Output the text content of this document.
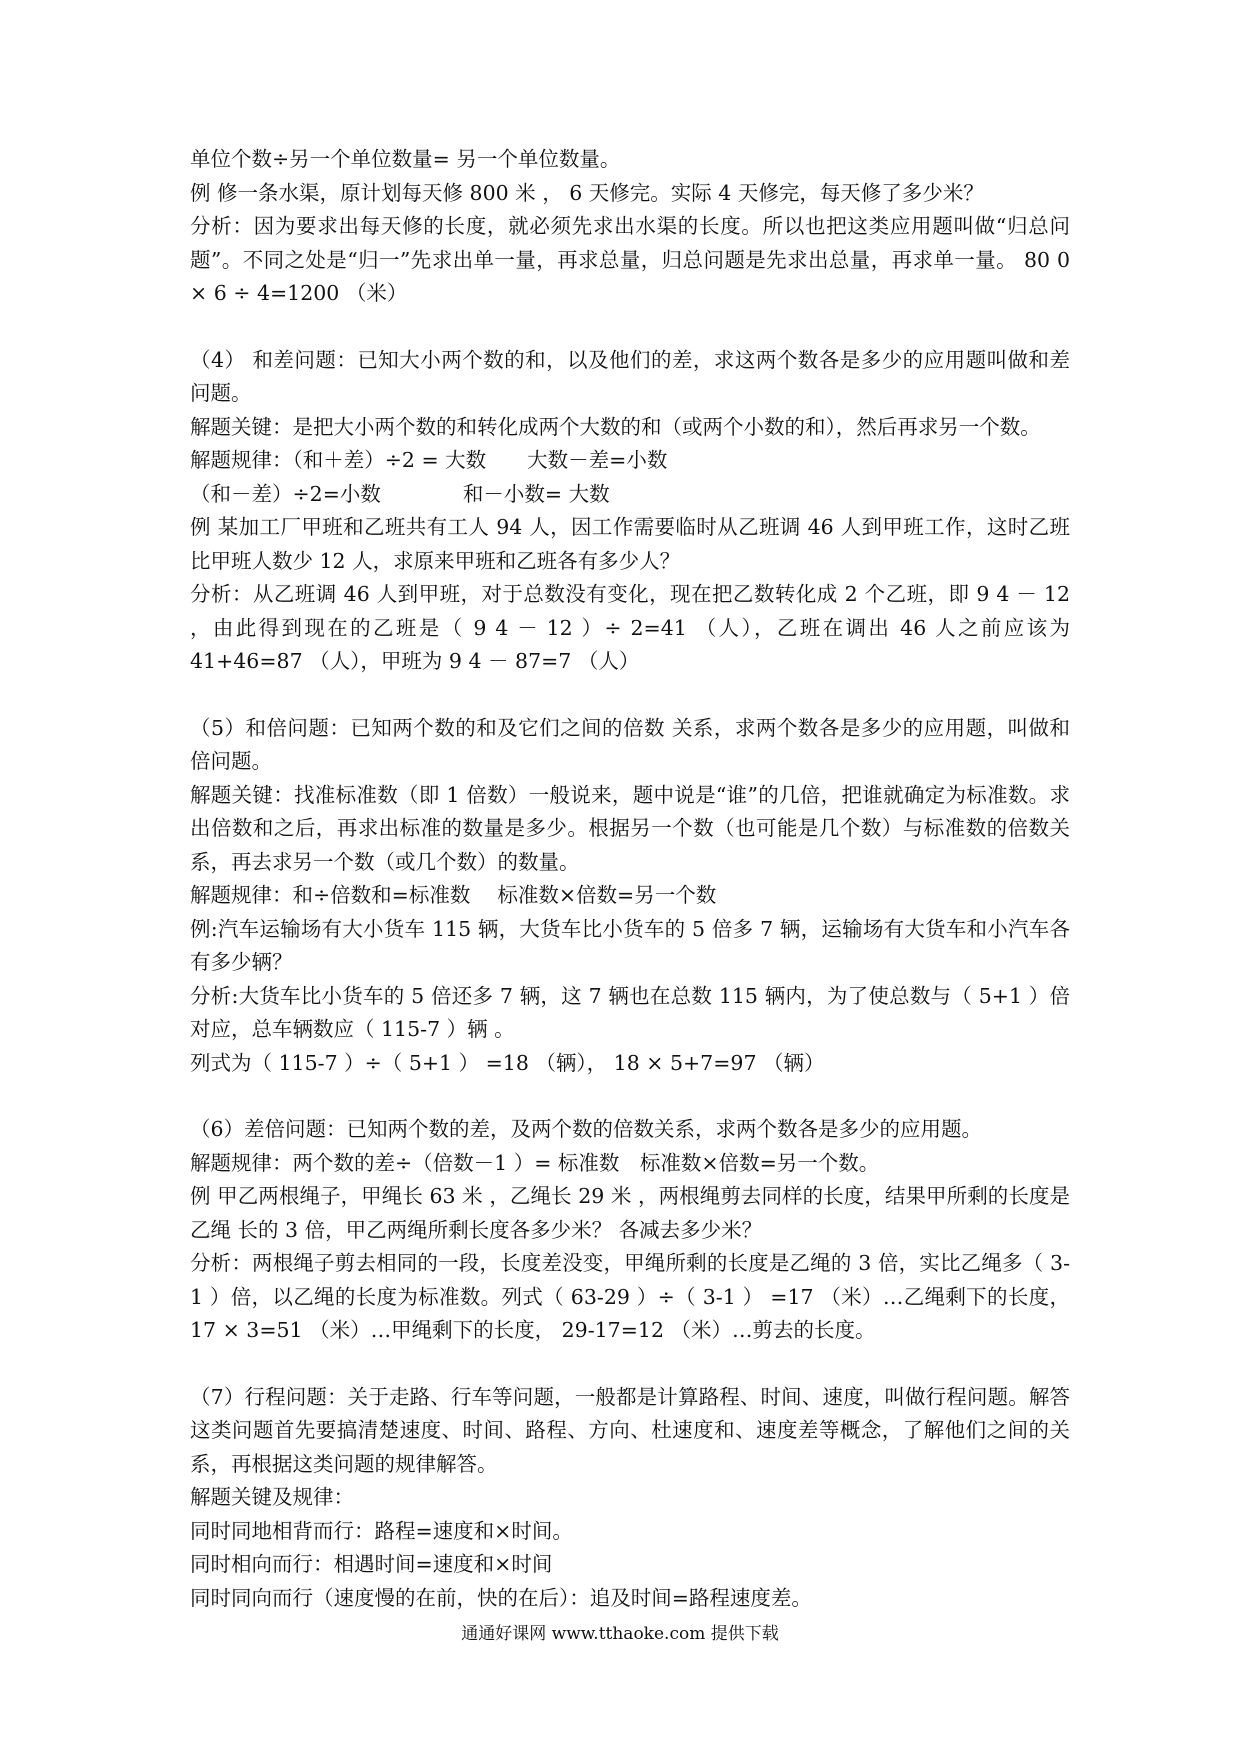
单位个数÷另一个单位数量= 另一个单位数量。

例 修一条水渠，原计划每天修 800 米 ， 6 天修完。实际 4 天修完，每天修了多少米？

分析：因为要求出每天修的长度，就必须先求出水渠的长度。所以也把这类应用题叫做“归总问题”。不同之处是“归一”先求出单一量，再求总量，归总问题是先求出总量，再求单一量。 80 0 × 6 ÷ 4=1200 （米）

（4） 和差问题：已知大小两个数的和，以及他们的差，求这两个数各是多少的应用题叫做和差问题。

解题关键：是把大小两个数的和转化成两个大数的和（或两个小数的和），然后再求另一个数。

解题规律：（和＋差）÷2 = 大数　　大数－差=小数

（和－差）÷2=小数　　　　和－小数= 大数

例 某加工厂甲班和乙班共有工人 94 人，因工作需要临时从乙班调 46 人到甲班工作，这时乙班比甲班人数少 12 人，求原来甲班和乙班各有多少人？

分析：从乙班调 46 人到甲班，对于总数没有变化，现在把乙数转化成 2 个乙班，即 9 4 － 12 ，由此得到现在的乙班是（ 9 4 － 12 ）÷ 2=41 （人），乙班在调出 46 人之前应该为 41+46=87 （人），甲班为 9 4 － 87=7 （人）

（5）和倍问题：已知两个数的和及它们之间的倍数 关系，求两个数各是多少的应用题，叫做和倍问题。

解题关键：找准标准数（即 1 倍数）一般说来，题中说是“谁”的几倍，把谁就确定为标准数。求出倍数和之后，再求出标准的数量是多少。根据另一个数（也可能是几个数）与标准数的倍数关系，再去求另一个数（或几个数）的数量。

解题规律：和÷倍数和=标准数　 标准数×倍数=另一个数

例:汽车运输场有大小货车 115 辆，大货车比小货车的 5 倍多 7 辆，运输场有大货车和小汽车各有多少辆？

分析:大货车比小货车的 5 倍还多 7 辆，这 7 辆也在总数 115 辆内，为了使总数与（ 5+1 ）倍对应，总车辆数应（ 115-7 ）辆 。

列式为（ 115-7 ）÷（ 5+1 ） =18 （辆）， 18 × 5+7=97 （辆）

（6）差倍问题：已知两个数的差，及两个数的倍数关系，求两个数各是多少的应用题。

解题规律：两个数的差÷（倍数－1 ）= 标准数　标准数×倍数=另一个数。

例 甲乙两根绳子，甲绳长 63 米 ，乙绳长 29 米 ，两根绳剪去同样的长度，结果甲所剩的长度是乙绳 长的 3 倍，甲乙两绳所剩长度各多少米？ 各减去多少米？

分析：两根绳子剪去相同的一段，长度差没变，甲绳所剩的长度是乙绳的 3 倍，实比乙绳多（ 3-1 ）倍，以乙绳的长度为标准数。列式（ 63-29 ）÷（ 3-1 ） =17 （米）…乙绳剩下的长度， 17 × 3=51 （米）…甲绳剩下的长度， 29-17=12 （米）…剪去的长度。

（7）行程问题：关于走路、行车等问题，一般都是计算路程、时间、速度，叫做行程问题。解答这类问题首先要搞清楚速度、时间、路程、方向、杜速度和、速度差等概念，了解他们之间的关系，再根据这类问题的规律解答。

解题关键及规律：

同时同地相背而行：路程=速度和×时间。

同时相向而行：相遇时间=速度和×时间

同时同向而行（速度慢的在前，快的在后）：追及时间=路程速度差。

通通好课网 www.tthaoke.com 提供下载
